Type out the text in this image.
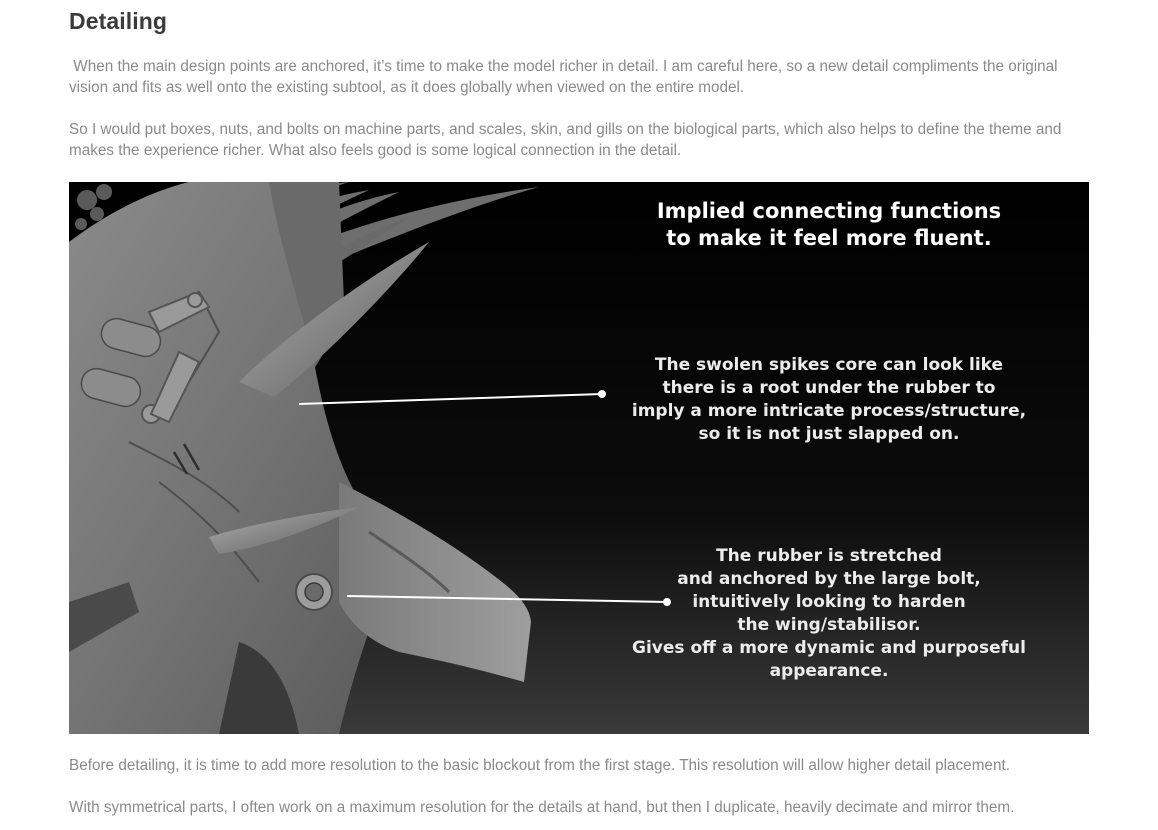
Detailing

When the main design points are anchored, it’s time to make the model richer in detail. I am careful here, so a new detail compliments the original vision and fits as well onto the existing subtool, as it does globally when viewed on the entire model.

So I would put boxes, nuts, and bolts on machine parts, and scales, skin, and gills on the biological parts, which also helps to define the theme and makes the experience richer. What also feels good is some logical connection in the detail.

Implied connecting functions
to make it feel more fluent.
The swolen spikes core can look like
there is a root under the rubber to
imply a more intricate process/structure,
so it is not just slapped on.
The rubber is stretched
and anchored by the large bolt,
intuitively looking to harden
the wing/stabilisor.
Gives off a more dynamic and purposeful
appearance.

Before detailing, it is time to add more resolution to the basic blockout from the first stage. This resolution will allow higher detail placement.

With symmetrical parts, I often work on a maximum resolution for the details at hand, but then I duplicate, heavily decimate and mirror them.
